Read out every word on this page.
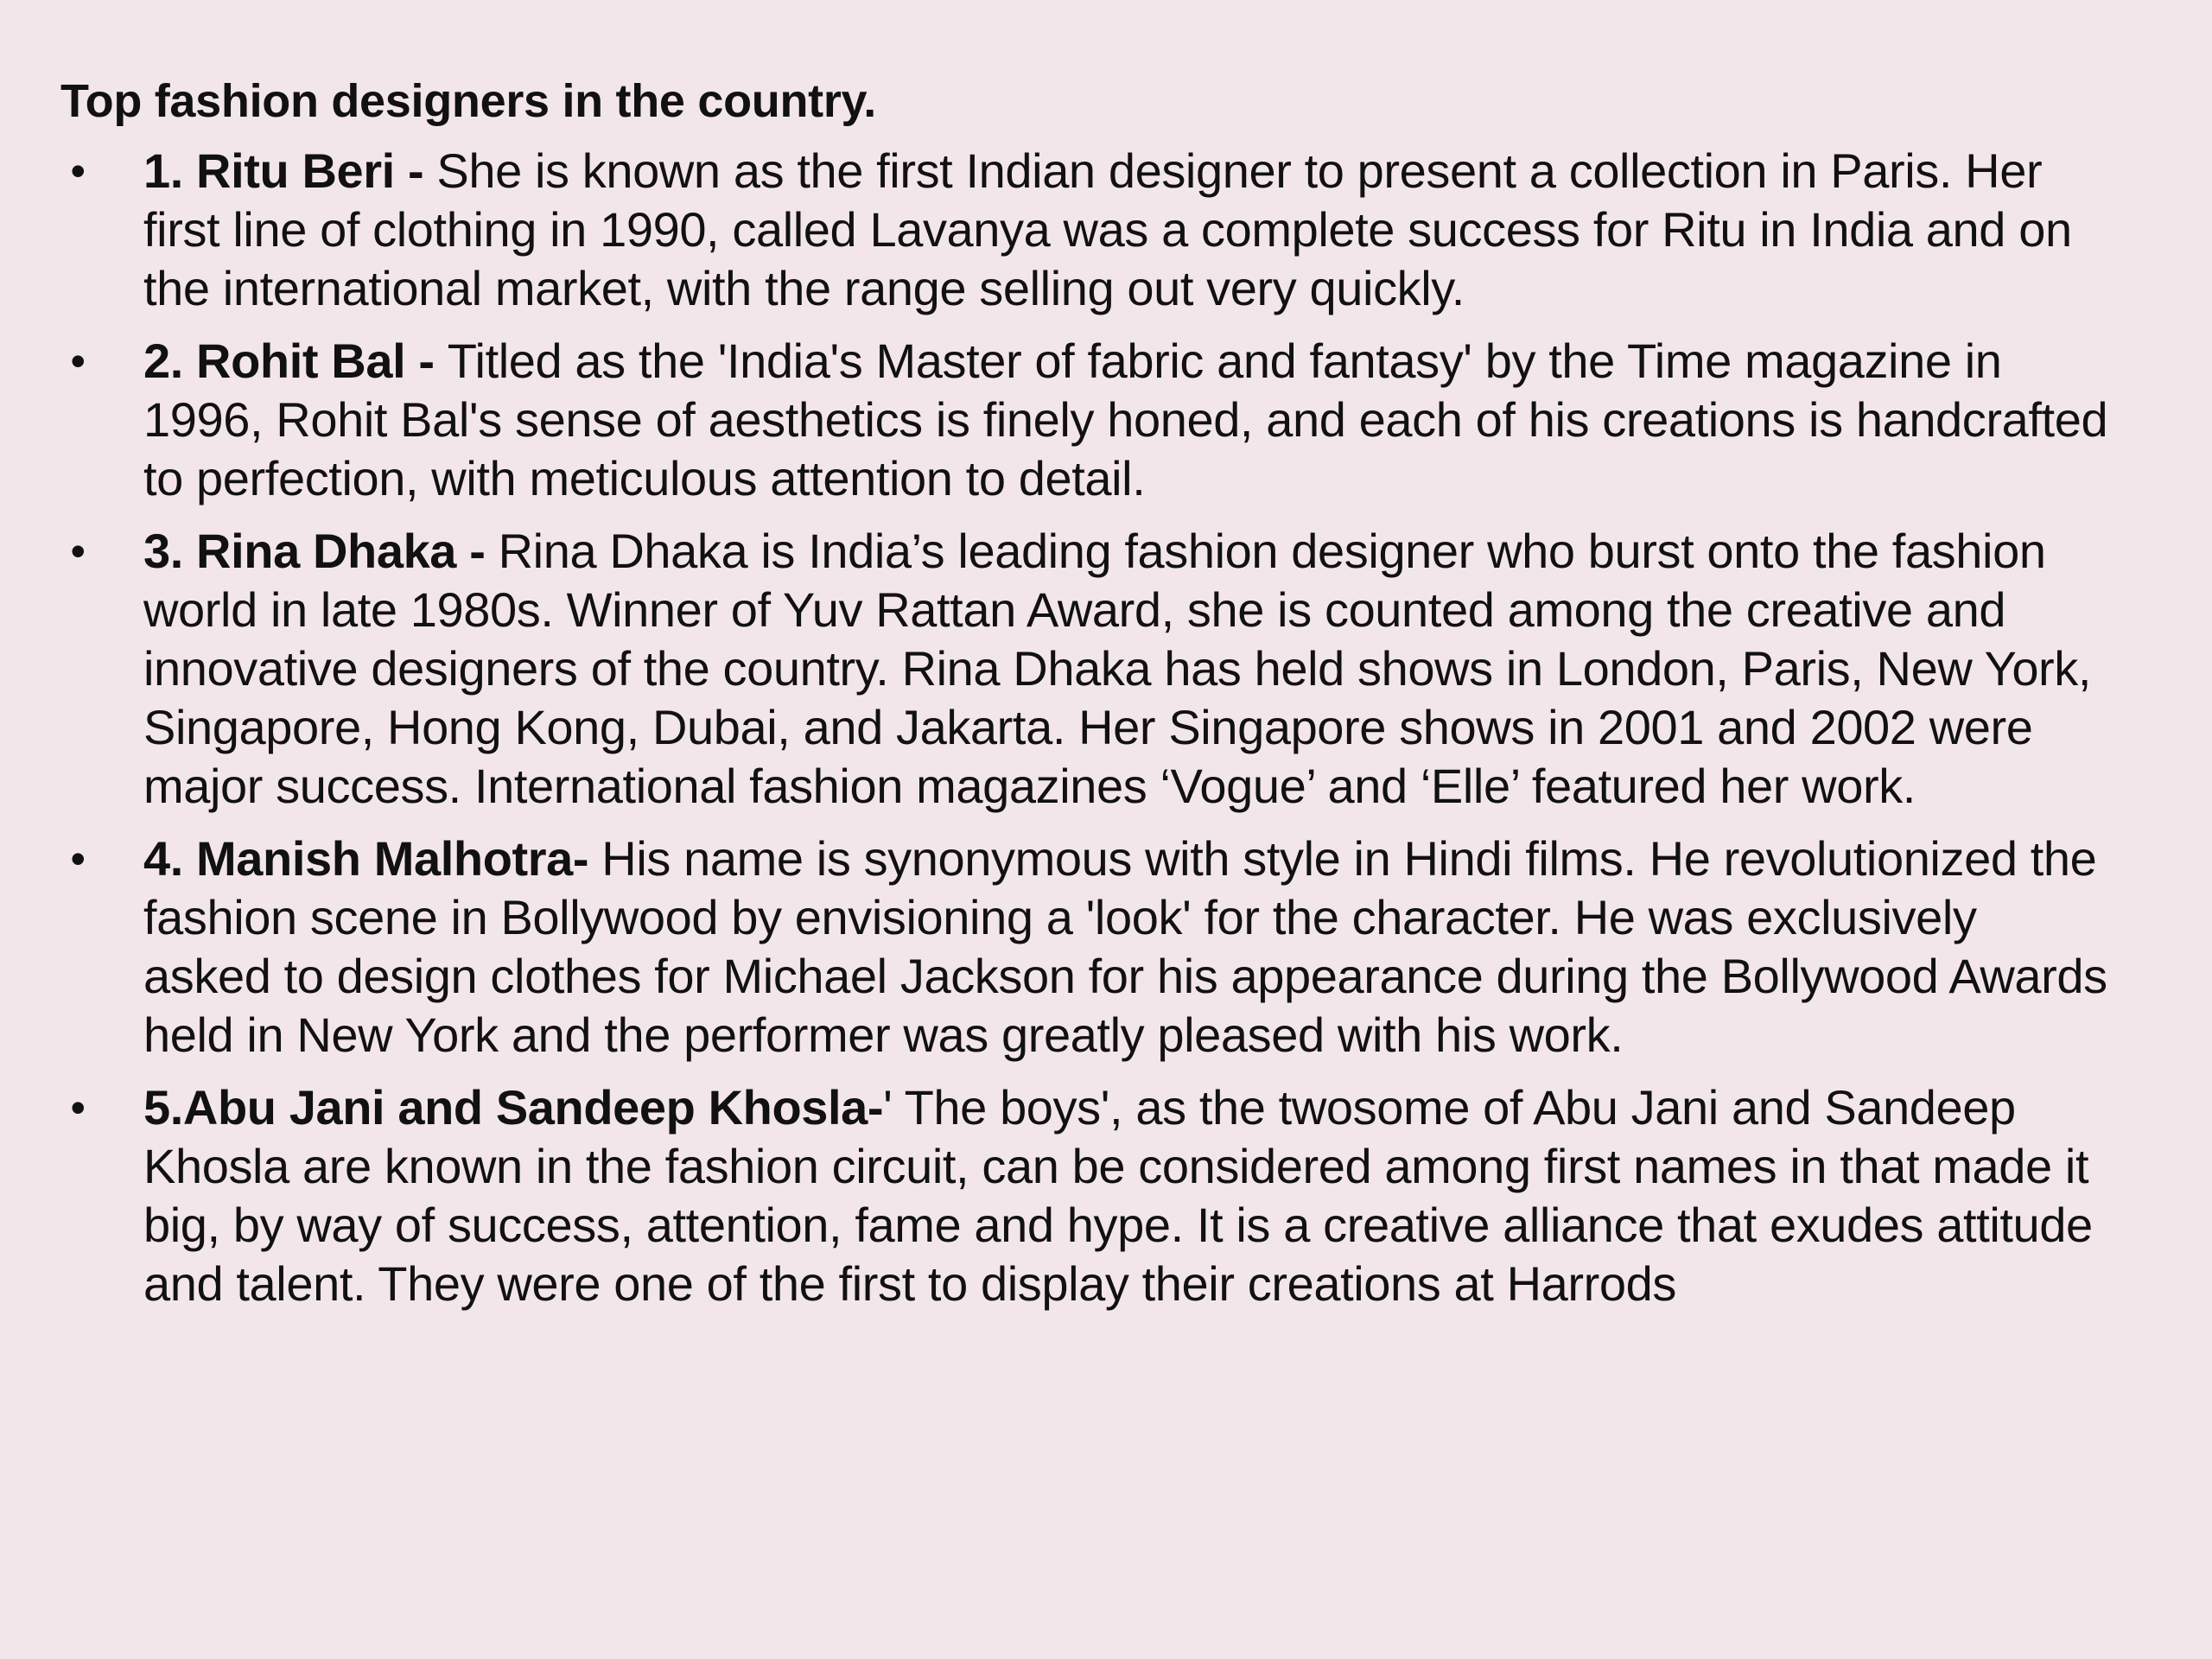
Top fashion designers in the country.
• 1. Ritu Beri - She is known as the first Indian designer to present a collection in Paris. Her first line of clothing in 1990, called Lavanya was a complete success for Ritu in India and on the international market, with the range selling out very quickly.
• 2. Rohit Bal - Titled as the 'India's Master of fabric and fantasy' by the Time magazine in 1996, Rohit Bal's sense of aesthetics is finely honed, and each of his creations is handcrafted to perfection, with meticulous attention to detail.
• 3. Rina Dhaka - Rina Dhaka is India’s leading fashion designer who burst onto the fashion world in late 1980s. Winner of Yuv Rattan Award, she is counted among the creative and innovative designers of the country. Rina Dhaka has held shows in London, Paris, New York, Singapore, Hong Kong, Dubai, and Jakarta. Her Singapore shows in 2001 and 2002 were major success. International fashion magazines ‘Vogue’ and ‘Elle’ featured her work.
• 4. Manish Malhotra- His name is synonymous with style in Hindi films. He revolutionized the fashion scene in Bollywood by envisioning a 'look' for the character. He was exclusively asked to design clothes for Michael Jackson for his appearance during the Bollywood Awards held in New York and the performer was greatly pleased with his work.
• 5.Abu Jani and Sandeep Khosla-' The boys', as the twosome of Abu Jani and Sandeep Khosla are known in the fashion circuit, can be considered among first names in that made it big, by way of success, attention, fame and hype. It is a creative alliance that exudes attitude and talent. They were one of the first to display their creations at Harrods
